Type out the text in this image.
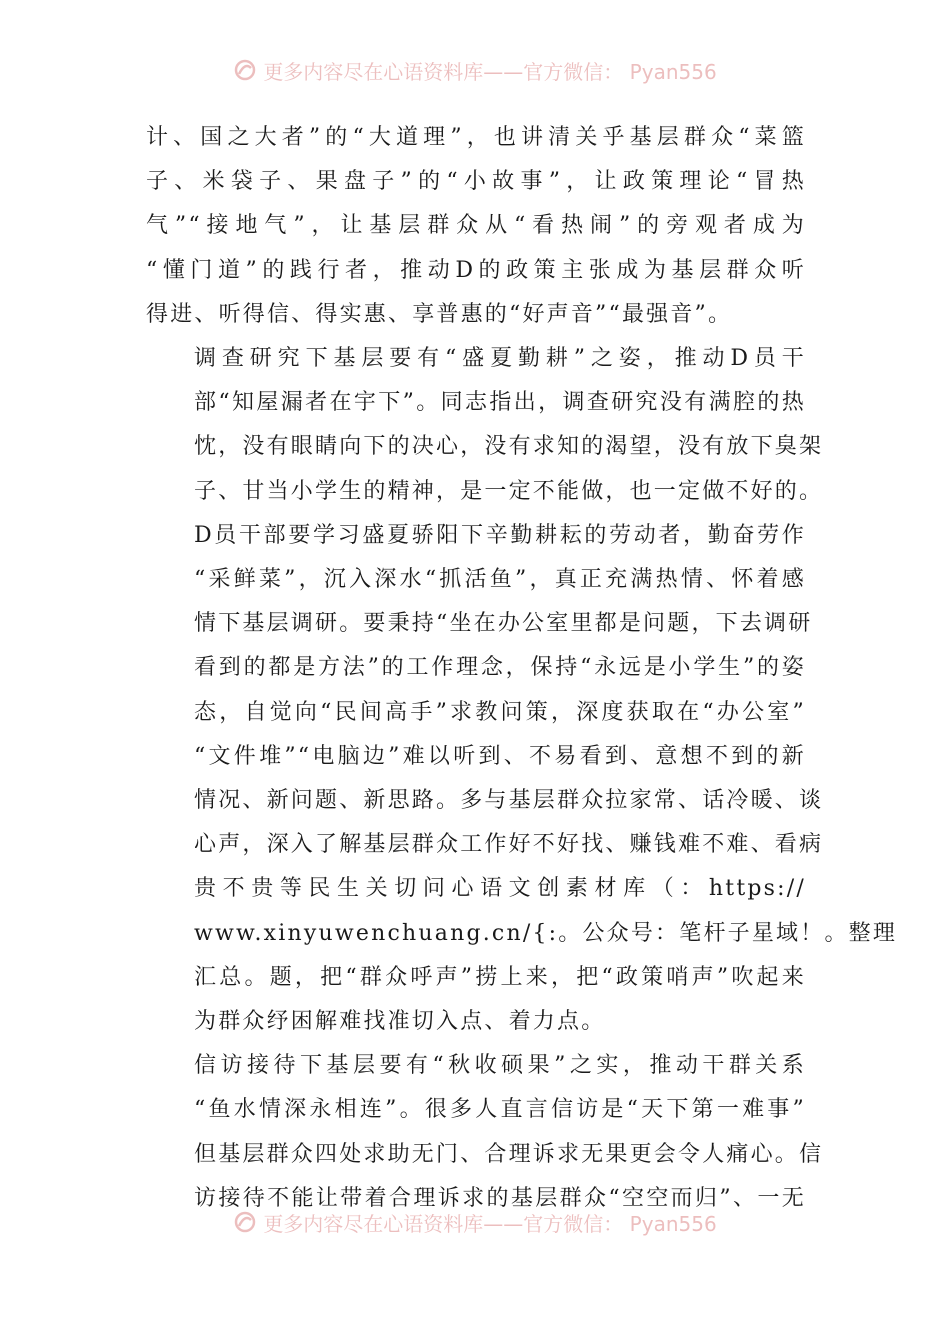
更多内容尽在心语资料库——官方微信： Pyan556

计、国之大者”的“大道理”，也讲清关乎基层群众“菜篮
子、米袋子、果盘子”的“小故事”，让政策理论“冒热
气”“接地气”，让基层群众从“看热闹”的旁观者成为
“懂门道”的践行者，推动D的政策主张成为基层群众听
得进、听得信、得实惠、享普惠的“好声音”“最强音”。

调查研究下基层要有“盛夏勤耕”之姿，推动D员干
部“知屋漏者在宇下”。同志指出，调查研究没有满腔的热
忱，没有眼睛向下的决心，没有求知的渴望，没有放下臭架
子、甘当小学生的精神，是一定不能做，也一定做不好的。
D员干部要学习盛夏骄阳下辛勤耕耘的劳动者，勤奋劳作
“采鲜菜”，沉入深水“抓活鱼”，真正充满热情、怀着感
情下基层调研。要秉持“坐在办公室里都是问题，下去调研
看到的都是方法”的工作理念，保持“永远是小学生”的姿
态，自觉向“民间高手”求教问策，深度获取在“办公室”
“文件堆”“电脑边”难以听到、不易看到、意想不到的新
情况、新问题、新思路。多与基层群众拉家常、话冷暖、谈
心声，深入了解基层群众工作好不好找、赚钱难不难、看病
贵不贵等民生关切问心语文创素材库（：https://
www.xinyuwenchuang.cn/{:。公众号：笔杆子星域！。整理
汇总。题，把“群众呼声”捞上来，把“政策哨声”吹起来
为群众纾困解难找准切入点、着力点。

信访接待下基层要有“秋收硕果”之实，推动干群关系
“鱼水情深永相连”。很多人直言信访是“天下第一难事”
但基层群众四处求助无门、合理诉求无果更会令人痛心。信
访接待不能让带着合理诉求的基层群众“空空而归”、一无

更多内容尽在心语资料库——官方微信： Pyan556
